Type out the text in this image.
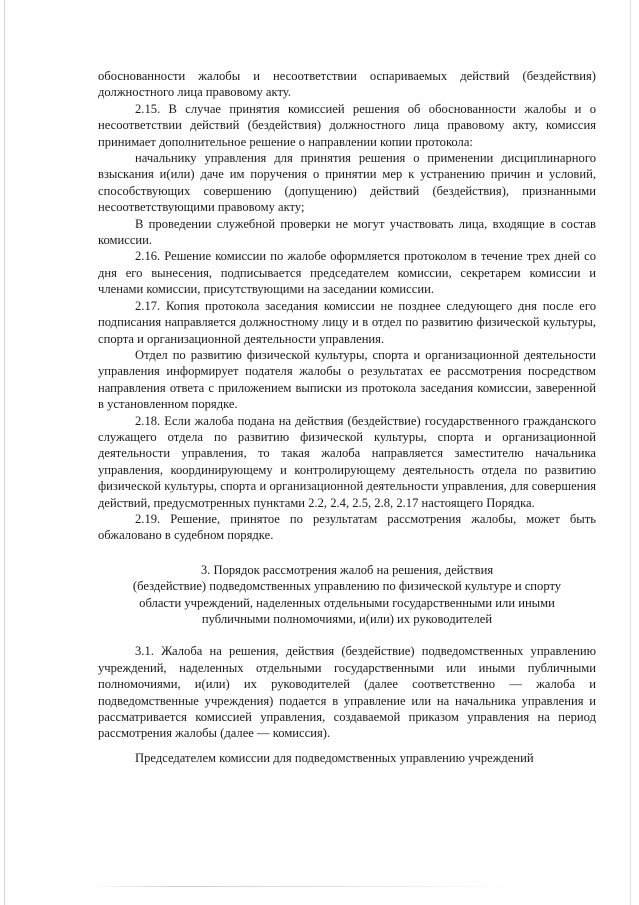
обоснованности жалобы и несоответствии оспариваемых действий (бездействия) должностного лица правовому акту.

2.15. В случае принятия комиссией решения об обоснованности жалобы и о несоответствии действий (бездействия) должностного лица правовому акту, комиссия принимает дополнительное решение о направлении копии протокола:

начальнику управления для принятия решения о применении дисциплинарного взыскания и(или) даче им поручения о принятии мер к устранению причин и условий, способствующих совершению (допущению) действий (бездействия), признанными несоответствующими правовому акту;

В проведении служебной проверки не могут участвовать лица, входящие в состав комиссии.

2.16. Решение комиссии по жалобе оформляется протоколом в течение трех дней со дня его вынесения, подписывается председателем комиссии, секретарем комиссии и членами комиссии, присутствующими на заседании комиссии.

2.17. Копия протокола заседания комиссии не позднее следующего дня после его подписания направляется должностному лицу и в отдел по развитию физической культуры, спорта и организационной деятельности управления.

Отдел по развитию физической культуры, спорта и организационной деятельности управления информирует подателя жалобы о результатах ее рассмотрения посредством направления ответа с приложением выписки из протокола заседания комиссии, заверенной в установленном порядке.

2.18. Если жалоба подана на действия (бездействие) государственного гражданского служащего отдела по развитию физической культуры, спорта и организационной деятельности управления, то такая жалоба направляется заместителю начальника управления, координирующему и контролирующему деятельность отдела по развитию физической культуры, спорта и организационной деятельности управления, для совершения действий, предусмотренных пунктами 2.2, 2.4, 2.5, 2.8, 2.17 настоящего Порядка.

2.19. Решение, принятое по результатам рассмотрения жалобы, может быть обжаловано в судебном порядке.

3. Порядок рассмотрения жалоб на решения, действия
(бездействие) подведомственных управлению по физической культуре и спорту
области учреждений, наделенных отдельными государственными или иными
публичными полномочиями, и(или) их руководителей

3.1. Жалоба на решения, действия (бездействие) подведомственных управлению учреждений, наделенных отдельными государственными или иными публичными полномочиями, и(или) их руководителей (далее соответственно — жалоба и подведомственные учреждения) подается в управление или на начальника управления и рассматривается комиссией управления, создаваемой приказом управления на период рассмотрения жалобы (далее — комиссия).

Председателем комиссии для подведомственных управлению учреждений
